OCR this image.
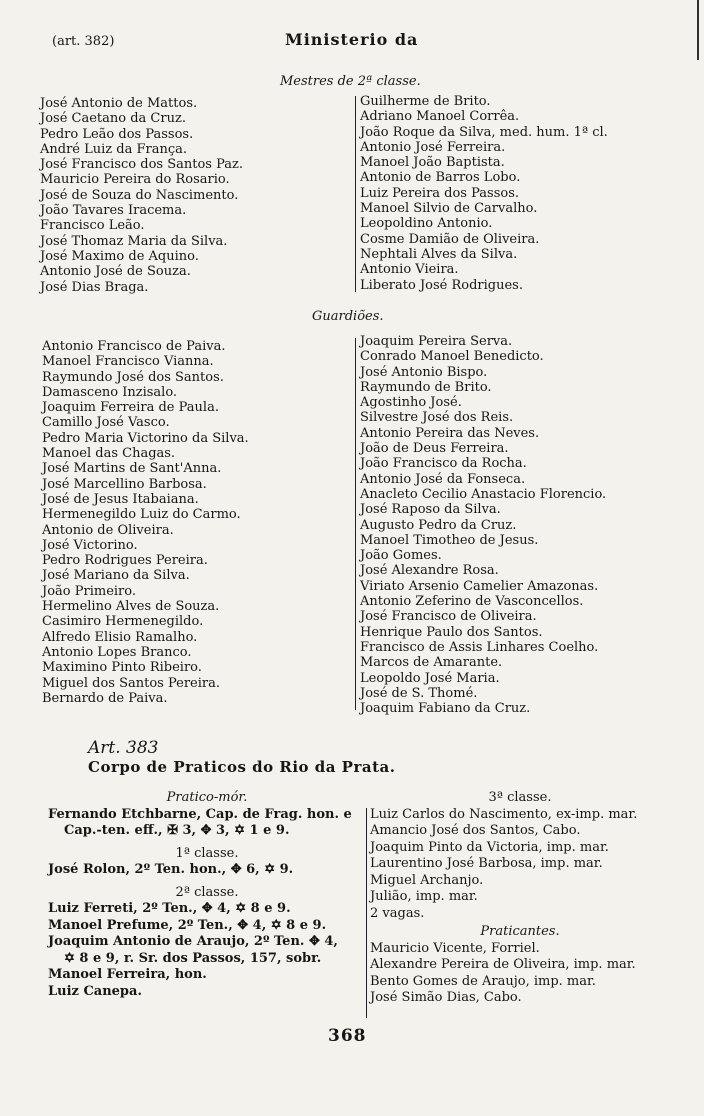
(art. 382)	Ministerio da
Mestres de 2ª classe.
José Antonio de Mattos.
José Caetano da Cruz.
Pedro Leão dos Passos.
André Luiz da França.
José Francisco dos Santos Paz.
Mauricio Pereira do Rosario.
José de Souza do Nascimento.
João Tavares Iracema.
Francisco Leão.
José Thomaz Maria da Silva.
José Maximo de Aquino.
Antonio José de Souza.
José Dias Braga.
Guilherme de Brito.
Adriano Manoel Corrêa.
João Roque da Silva, med. hum. 1ª cl.
Antonio José Ferreira.
Manoel João Baptista.
Antonio de Barros Lobo.
Luiz Pereira dos Passos.
Manoel Silvio de Carvalho.
Leopoldino Antonio.
Cosme Damião de Oliveira.
Nephtali Alves da Silva.
Antonio Vieira.
Liberato José Rodrigues.
Guardiões.
Antonio Francisco de Paiva.
Manoel Francisco Vianna.
Raymundo José dos Santos.
Damasceno Inzisalo.
Joaquim Ferreira de Paula.
Camillo José Vasco.
Pedro Maria Victorino da Silva.
Manoel das Chagas.
José Martins de Sant'Anna.
José Marcellino Barbosa.
José de Jesus Itabaiana.
Hermenegildo Luiz do Carmo.
Antonio de Oliveira.
José Victorino.
Pedro Rodrigues Pereira.
José Mariano da Silva.
João Primeiro.
Hermelino Alves de Souza.
Casimiro Hermenegildo.
Alfredo Elisio Ramalho.
Antonio Lopes Branco.
Maximino Pinto Ribeiro.
Miguel dos Santos Pereira.
Bernardo de Paiva.
Joaquim Pereira Serva.
Conrado Manoel Benedicto.
José Antonio Bispo.
Raymundo de Brito.
Agostinho José.
Silvestre José dos Reis.
Antonio Pereira das Neves.
João de Deus Ferreira.
João Francisco da Rocha.
Antonio José da Fonseca.
Anacleto Cecilio Anastacio Florencio.
José Raposo da Silva.
Augusto Pedro da Cruz.
Manoel Timotheo de Jesus.
João Gomes.
José Alexandre Rosa.
Viriato Arsenio Camelier Amazonas.
Antonio Zeferino de Vasconcellos.
José Francisco de Oliveira.
Henrique Paulo dos Santos.
Francisco de Assis Linhares Coelho.
Marcos de Amarante.
Leopoldo José Maria.
José de S. Thomé.
Joaquim Fabiano da Cruz.
Art. 383
Corpo de Praticos do Rio da Prata.
Pratico-mór.
Fernando Etchbarne, Cap. de Frag. hon. e
Cap.-ten. eff., ✠ 3, ✥ 3, ✡ 1 e 9.
1ª classe.
José Rolon, 2º Ten. hon., ✥ 6, ✡ 9.
2ª classe.
Luiz Ferreti, 2º Ten., ✥ 4, ✡ 8 e 9.
Manoel Prefume, 2º Ten., ✥ 4, ✡ 8 e 9.
Joaquim Antonio de Araujo, 2º Ten. ✥ 4,
✡ 8 e 9, r. Sr. dos Passos, 157, sobr.
Manoel Ferreira, hon.
Luiz Canepa.
3ª classe.
Luiz Carlos do Nascimento, ex-imp. mar.
Amancio José dos Santos, Cabo.
Joaquim Pinto da Victoria, imp. mar.
Laurentino José Barbosa, imp. mar.
Miguel Archanjo.
Julião, imp. mar.
2 vagas.
Praticantes.
Mauricio Vicente, Forriel.
Alexandre Pereira de Oliveira, imp. mar.
Bento Gomes de Araujo, imp. mar.
José Simão Dias, Cabo.
368
